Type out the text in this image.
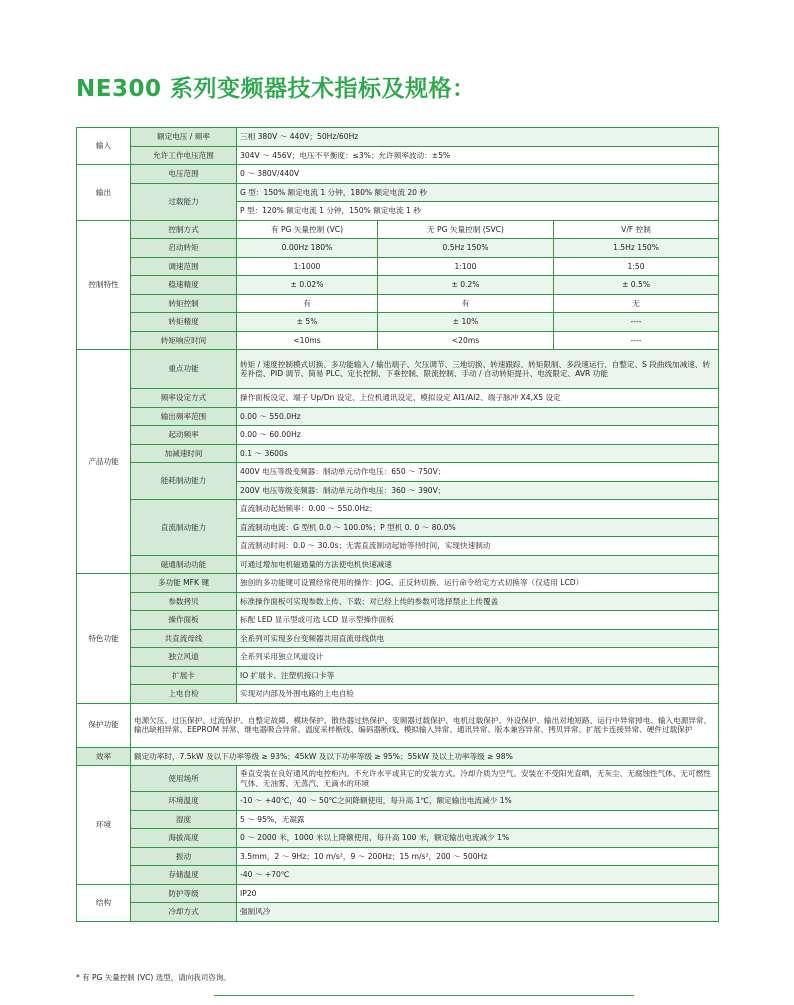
NE300 系列变频器技术指标及规格：
输入	额定电压 / 频率	三相 380V ～ 440V；50Hz/60Hz		
	允许工作电压范围	304V ～ 456V；电压不平衡度：≤3%；允许频率波动：±5%		
输出	电压范围	0 ～ 380V/440V		
	过载能力	G 型：150% 额定电流 1 分钟，180% 额定电流 20 秒		
		P 型：120% 额定电流 1 分钟，150% 额定电流 1 秒		
控制特性	控制方式	有 PG 矢量控制 (VC)	无 PG 矢量控制 (SVC)	V/F 控制
	启动转矩	0.00Hz 180%	0.5Hz 150%	1.5Hz 150%
	调速范围	1:1000	1:100	1:50
	稳速精度	± 0.02%	± 0.2%	± 0.5%
	转矩控制	有	有	无
	转矩精度	± 5%	± 10%	----
	转矩响应时间	<10ms	<20ms	----
产品功能	重点功能	转矩 / 速度控制模式切换、多功能输入 / 输出端子、欠压调节、三地切换、转速跟踪、转矩限制、多段速运行、自整定、S 段曲线加减速、转差补偿、PID 调节、简易 PLC、定长控制、下垂控制、限流控制、手动 / 自动转矩提升、电流限定、AVR 功能		
	频率设定方式	操作面板设定、端子 Up/Dn 设定、上位机通讯设定、模拟设定 AI1/AI2、端子脉冲 X4,X5 设定		
	输出频率范围	0.00 ～ 550.0Hz		
	起动频率	0.00 ～ 60.00Hz		
	加减速时间	0.1 ～ 3600s		
	能耗制动能力	400V 电压等级变频器：制动单元动作电压：650 ～ 750V；		
		200V 电压等级变频器：制动单元动作电压：360 ～ 390V；		
	直流制动能力	直流制动起始频率：0.00 ～ 550.0Hz；		
		直流制动电流：G 型机 0.0 ～ 100.0%；P 型机 0. 0 ～ 80.0%		
		直流制动时间：0.0 ～ 30.0s；无需直流制动起始等待时间，实现快速制动		
	磁通制动功能	可通过增加电机磁通量的方法使电机快速减速		
特色功能	多功能 MFK 键	独创的多功能键可设置经常使用的操作：JOG、正反转切换、运行命令给定方式切换等（仅适用 LCD）		
	参数拷贝	标准操作面板可实现参数上传、下载；对已经上传的参数可选择禁止上传覆盖		
	操作面板	标配 LED 显示型或可选 LCD 显示型操作面板		
	共直流母线	全系列可实现多台变频器共用直流母线供电		
	独立风道	全系列采用独立风道设计		
	扩展卡	IO 扩展卡、注塑机接口卡等		
	上电自检	实现对内部及外围电路的上电自检		
保护功能	电源欠压、过压保护、过流保护、自整定故障、模块保护、散热器过热保护、变频器过载保护、电机过载保护、外设保护、输出对地短路、运行中异常掉电、输入电源异常、输出缺相异常、EEPROM 异常、继电器吸合异常、温度采样断线、编码器断线、模拟输入异常、通讯异常、版本兼容异常、拷贝异常、扩展卡连接异常、硬件过载保护			
效率	额定功率时，7.5kW 及以下功率等级 ≥ 93%；45kW 及以下功率等级 ≥ 95%；55kW 及以上功率等级 ≥ 98%			
环境	使用场所	垂直安装在良好通风的电控柜内。不允许水平或其它的安装方式。冷却介质为空气。安装在不受阳光直晒，无灰尘、无腐蚀性气体、无可燃性气体、无油雾、无蒸汽、无滴水的环境		
	环境温度	-10 ～ +40℃，40 ～ 50℃之间降额使用，每升高 1℃，额定输出电流减少 1%		
	湿度	5 ～ 95%，无凝露		
	海拔高度	0 ～ 2000 米，1000 米以上降额使用，每升高 100 米，额定输出电流减少 1%		
	振动	3.5mm，2 ～ 9Hz；10 m/s²，9 ～ 200Hz；15 m/s²，200 ～ 500Hz		
	存储温度	-40 ～ +70℃		
结构	防护等级	IP20		
	冷却方式	强制风冷		

* 有 PG 矢量控制 (VC) 选型，请向我司咨询。
